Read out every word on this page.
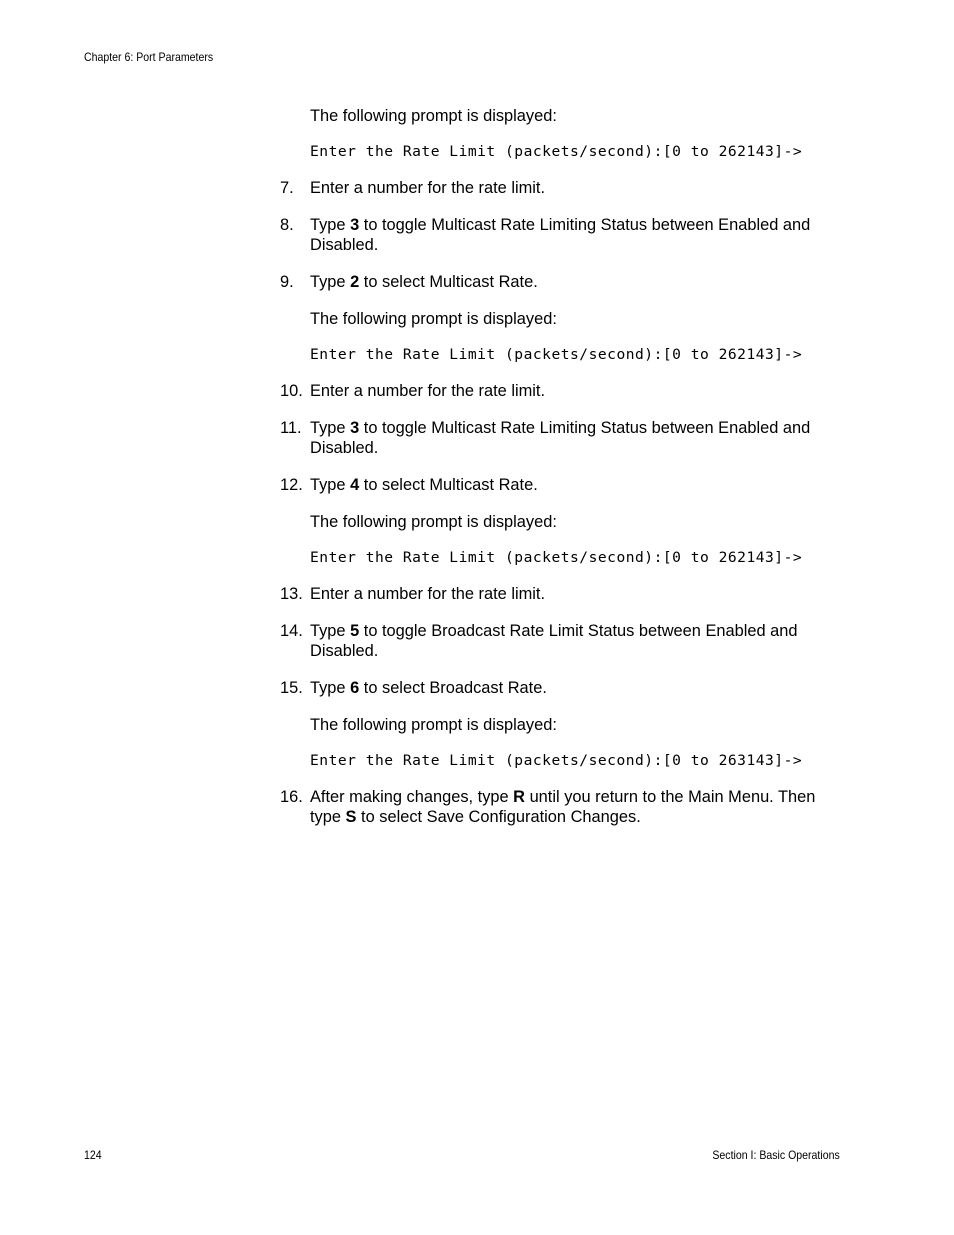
Chapter 6: Port Parameters
The following prompt is displayed:
Enter the Rate Limit (packets/second):[0 to 262143]->
7. Enter a number for the rate limit.
8. Type 3 to toggle Multicast Rate Limiting Status between Enabled and Disabled.
9. Type 2 to select Multicast Rate.
The following prompt is displayed:
Enter the Rate Limit (packets/second):[0 to 262143]->
10. Enter a number for the rate limit.
11. Type 3 to toggle Multicast Rate Limiting Status between Enabled and Disabled.
12. Type 4 to select Multicast Rate.
The following prompt is displayed:
Enter the Rate Limit (packets/second):[0 to 262143]->
13. Enter a number for the rate limit.
14. Type 5 to toggle Broadcast Rate Limit Status between Enabled and Disabled.
15. Type 6 to select Broadcast Rate.
The following prompt is displayed:
Enter the Rate Limit (packets/second):[0 to 263143]->
16. After making changes, type R until you return to the Main Menu. Then type S to select Save Configuration Changes.
124	Section I: Basic Operations
